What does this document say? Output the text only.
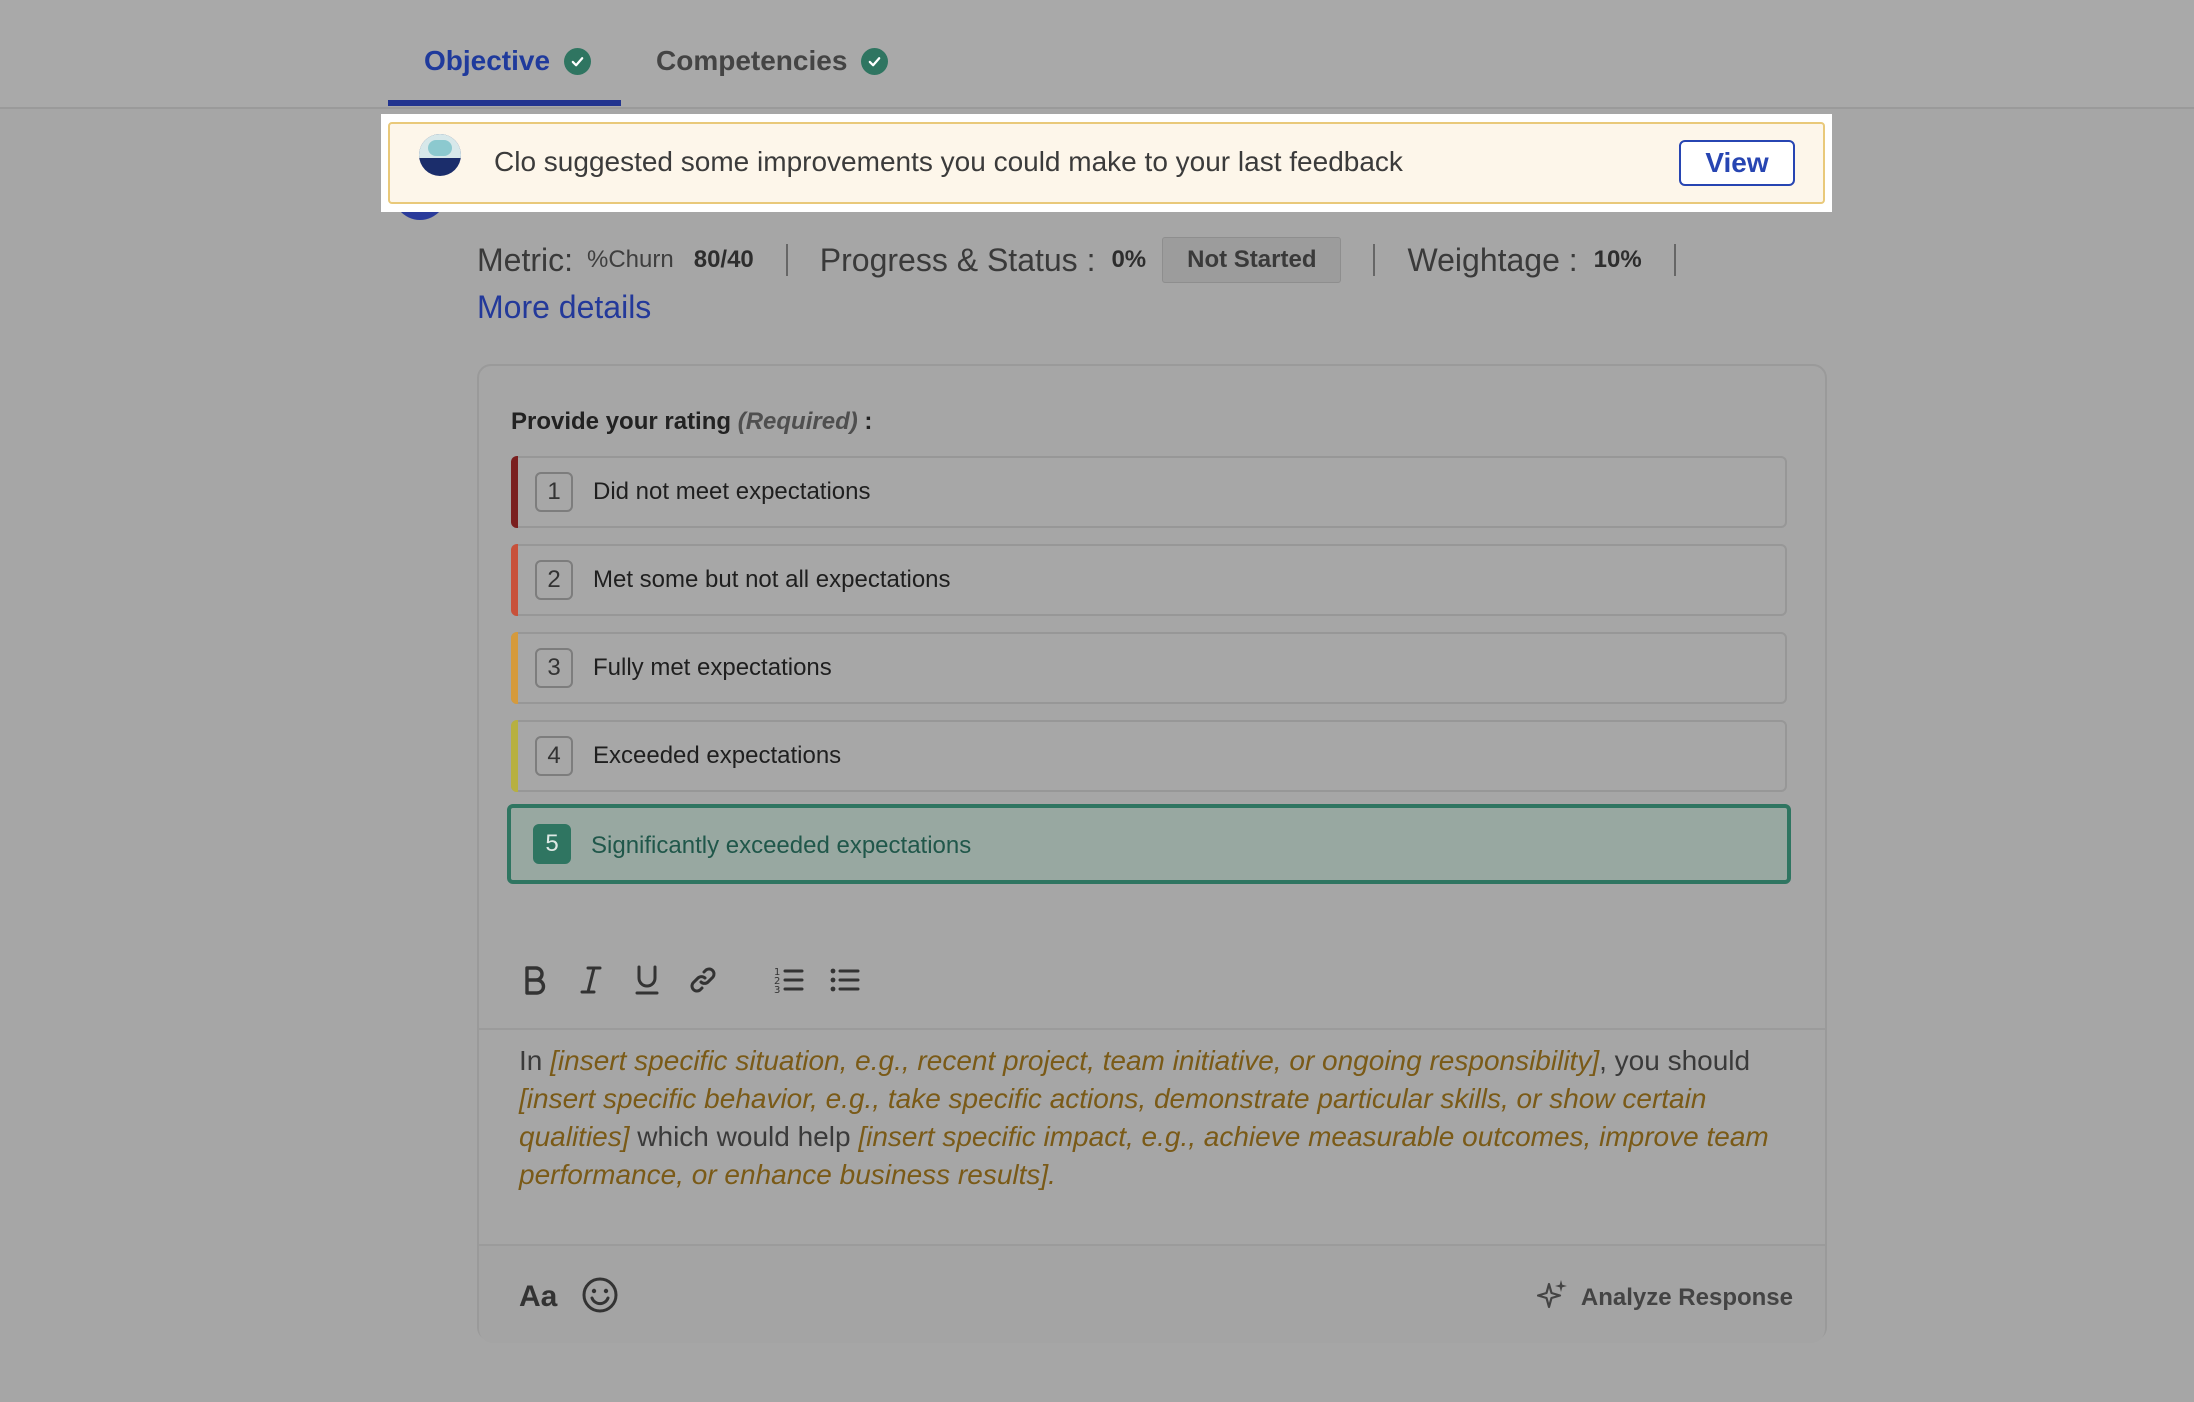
Objective	Competencies
Clo suggested some improvements you could make to your last feedback	View
Metric: %Churn 80/40 Progress & Status : 0%	Not Started	Weightage : 10%
More details
Provide your rating (Required) :
1	Did not meet expectations
2	Met some but not all expectations
3	Fully met expectations
4	Exceeded expectations
5	Significantly exceeded expectations
1
2
3
In [insert specific situation, e.g., recent project, team initiative, or ongoing responsibility], you should [insert specific behavior, e.g., take specific actions, demonstrate particular skills, or show certain qualities] which would help [insert specific impact, e.g., achieve measurable outcomes, improve team performance, or enhance business results].
Aa	Analyze Response
